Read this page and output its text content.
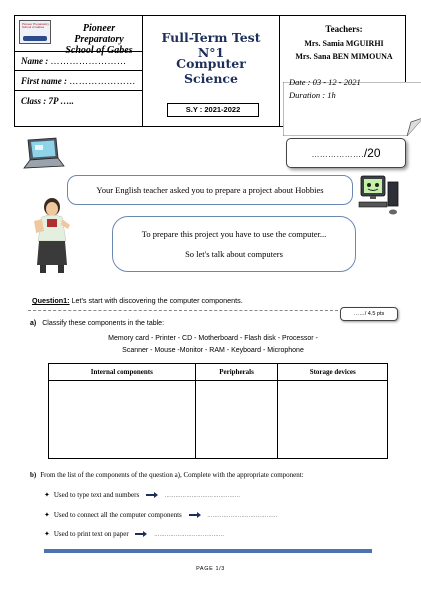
Pioneer Preparatory
School of Gabes	Pioneer Preparatory
Name : ……………………
First name : …………………
Class : 7P …..
Full-Term Test N°1
Computer Science
S.Y : 2021-2022
Teachers:
Mrs. Samia MGUIRHI
Mrs. Sana BEN MIMOUNA
Date : 03 - 12 - 2021
Duration : 1h
………………./20
Your English teacher asked you to prepare a project about Hobbies
To prepare this project you have to use the computer...
So let's talk about computers
Question1: Let's start with discovering the computer components.
……/ 4.5 pts
a) Classify these components in the table:
Memory card - Printer - CD - Motherboard - Flash disk - Processor -
Scanner - Mouse -Monitor - RAM - Keyboard - Microphone
Internal components	Peripherals	Storage devices

b) From the list of the components of the question a), Complete with the appropriate component:
✦ Used to type text and numbers	……………………………………
✦ Used to connect all the computer components	…………………………………
✦ Used to print text on paper	…………………………………
PAGE 1/3
